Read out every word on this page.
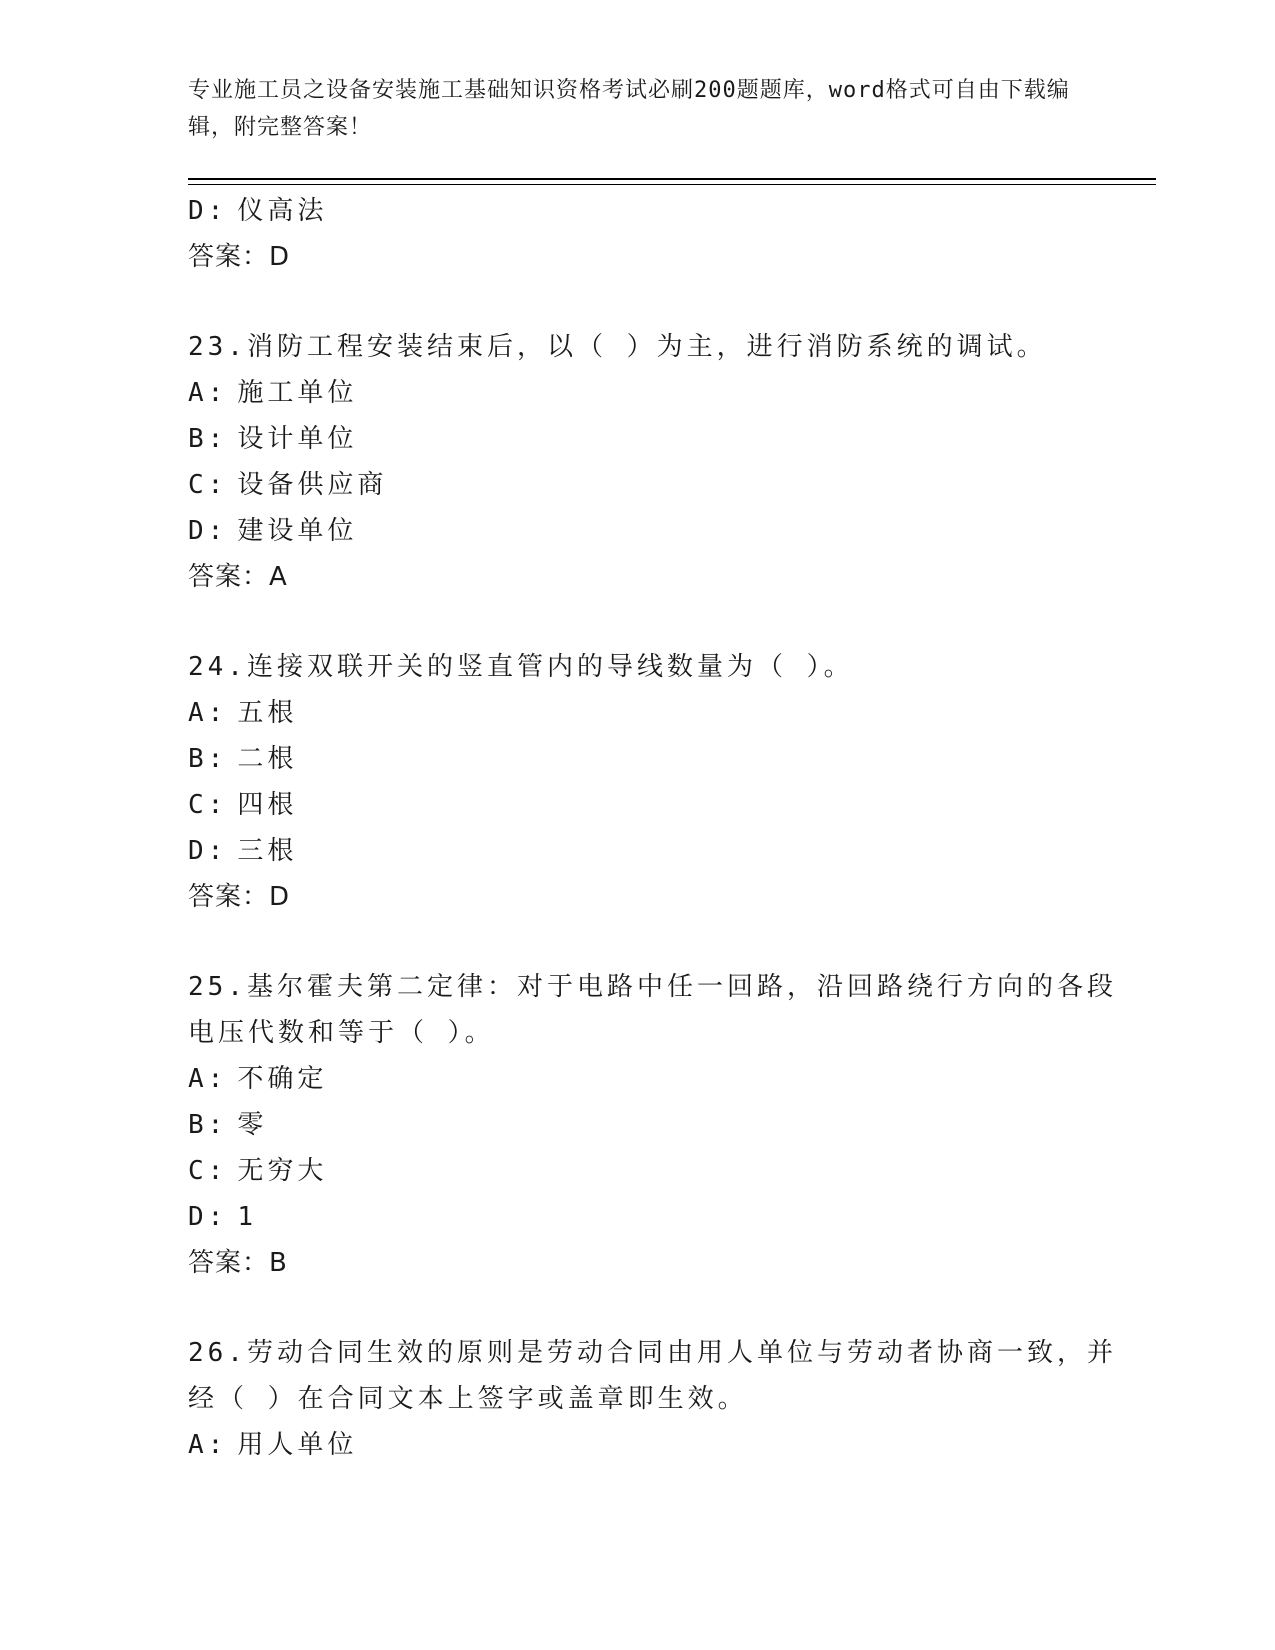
专业施工员之设备安装施工基础知识资格考试必刷200题题库，word格式可自由下载编辑，附完整答案！
D: 仪高法
答案：D
23.消防工程安装结束后，以（ ）为主，进行消防系统的调试。
A: 施工单位
B: 设计单位
C: 设备供应商
D: 建设单位
答案：A
24.连接双联开关的竖直管内的导线数量为（ ）。
A: 五根
B: 二根
C: 四根
D: 三根
答案：D
25.基尔霍夫第二定律：对于电路中任一回路，沿回路绕行方向的各段
电压代数和等于（ ）。
A: 不确定
B: 零
C: 无穷大
D: 1
答案：B
26.劳动合同生效的原则是劳动合同由用人单位与劳动者协商一致，并
经（ ）在合同文本上签字或盖章即生效。
A: 用人单位
